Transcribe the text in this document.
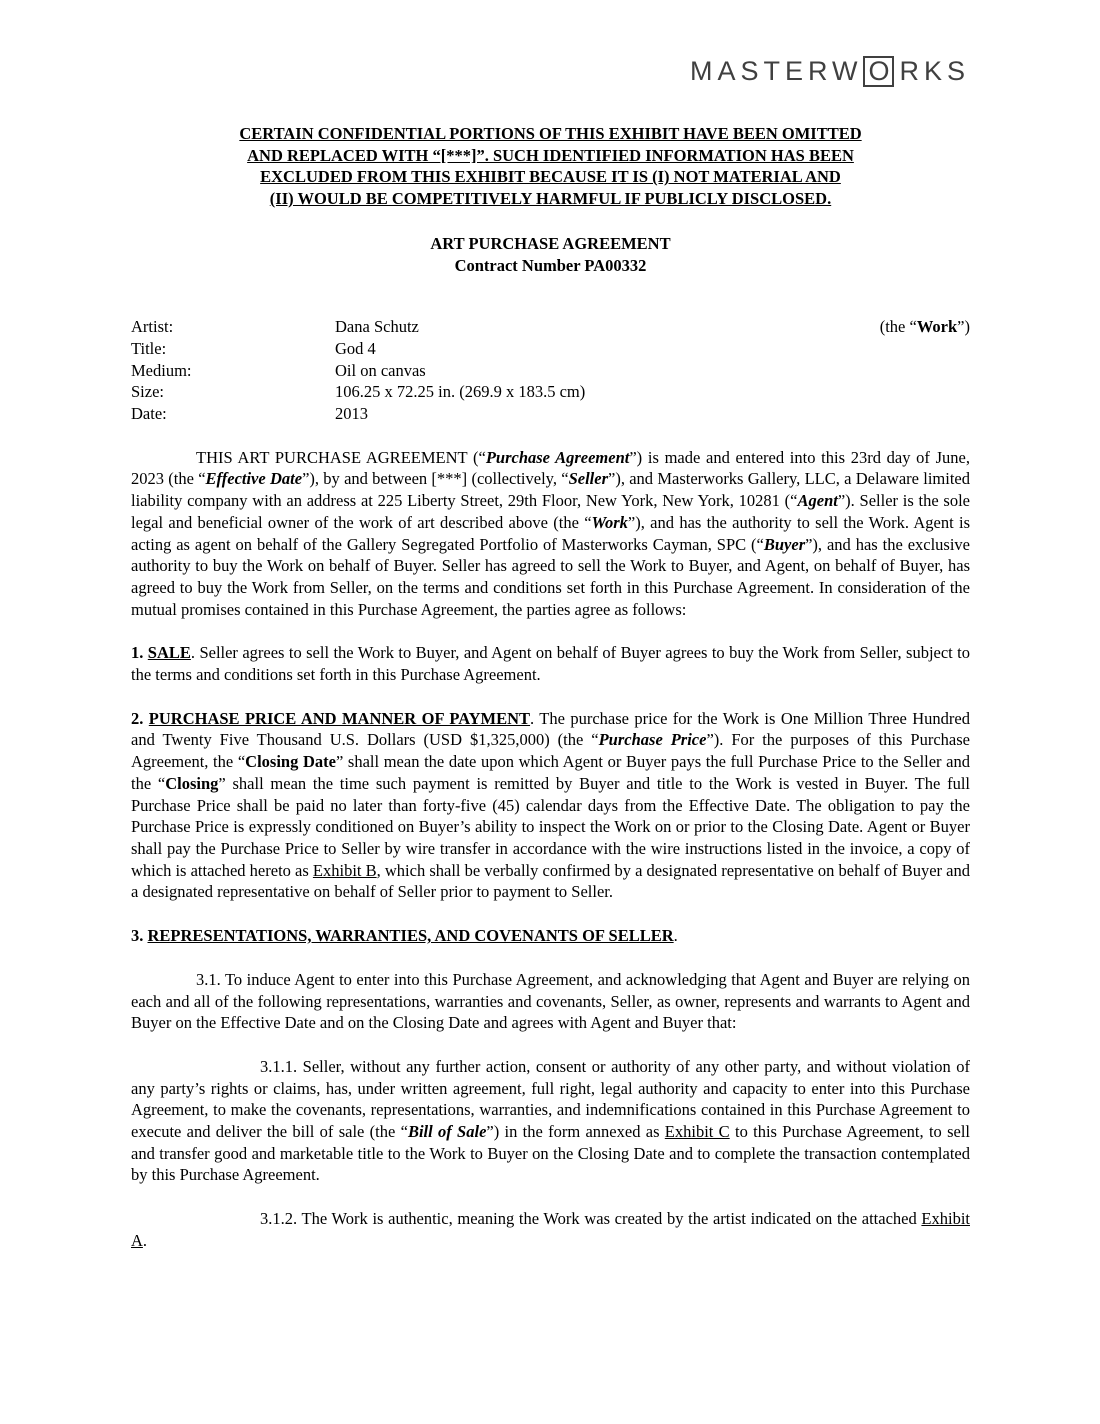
MASTERW O RKS
CERTAIN CONFIDENTIAL PORTIONS OF THIS EXHIBIT HAVE BEEN OMITTED
AND REPLACED WITH “[***]”. SUCH IDENTIFIED INFORMATION HAS BEEN
EXCLUDED FROM THIS EXHIBIT BECAUSE IT IS (I) NOT MATERIAL AND
(II) WOULD BE COMPETITIVELY HARMFUL IF PUBLICLY DISCLOSED.
ART PURCHASE AGREEMENT
Contract Number PA00332
Artist:	Dana Schutz	(the “Work”)
Title:	God 4
Medium:	Oil on canvas
Size:	106.25 x 72.25 in. (269.9 x 183.5 cm)
Date:	2013

THIS ART PURCHASE AGREEMENT (“Purchase Agreement”) is made and entered into this 23rd day of June, 2023 (the “Effective Date”), by and between [***] (collectively, “Seller”), and Masterworks Gallery, LLC, a Delaware limited liability company with an address at 225 Liberty Street, 29th Floor, New York, New York, 10281 (“Agent”). Seller is the sole legal and beneficial owner of the work of art described above (the “Work”), and has the authority to sell the Work. Agent is acting as agent on behalf of the Gallery Segregated Portfolio of Masterworks Cayman, SPC (“Buyer”), and has the exclusive authority to buy the Work on behalf of Buyer. Seller has agreed to sell the Work to Buyer, and Agent, on behalf of Buyer, has agreed to buy the Work from Seller, on the terms and conditions set forth in this Purchase Agreement. In consideration of the mutual promises contained in this Purchase Agreement, the parties agree as follows:

1. SALE. Seller agrees to sell the Work to Buyer, and Agent on behalf of Buyer agrees to buy the Work from Seller, subject to the terms and conditions set forth in this Purchase Agreement.

2. PURCHASE PRICE AND MANNER OF PAYMENT. The purchase price for the Work is One Million Three Hundred and Twenty Five Thousand U.S. Dollars (USD $1,325,000) (the “Purchase Price”). For the purposes of this Purchase Agreement, the “Closing Date” shall mean the date upon which Agent or Buyer pays the full Purchase Price to the Seller and the “Closing” shall mean the time such payment is remitted by Buyer and title to the Work is vested in Buyer. The full Purchase Price shall be paid no later than forty-five (45) calendar days from the Effective Date. The obligation to pay the Purchase Price is expressly conditioned on Buyer’s ability to inspect the Work on or prior to the Closing Date. Agent or Buyer shall pay the Purchase Price to Seller by wire transfer in accordance with the wire instructions listed in the invoice, a copy of which is attached hereto as Exhibit B, which shall be verbally confirmed by a designated representative on behalf of Buyer and a designated representative on behalf of Seller prior to payment to Seller.

3. REPRESENTATIONS, WARRANTIES, AND COVENANTS OF SELLER.

3.1. To induce Agent to enter into this Purchase Agreement, and acknowledging that Agent and Buyer are relying on each and all of the following representations, warranties and covenants, Seller, as owner, represents and warrants to Agent and Buyer on the Effective Date and on the Closing Date and agrees with Agent and Buyer that:

3.1.1. Seller, without any further action, consent or authority of any other party, and without violation of any party’s rights or claims, has, under written agreement, full right, legal authority and capacity to enter into this Purchase Agreement, to make the covenants, representations, warranties, and indemnifications contained in this Purchase Agreement to execute and deliver the bill of sale (the “Bill of Sale”) in the form annexed as Exhibit C to this Purchase Agreement, to sell and transfer good and marketable title to the Work to Buyer on the Closing Date and to complete the transaction contemplated by this Purchase Agreement.

3.1.2. The Work is authentic, meaning the Work was created by the artist indicated on the attached Exhibit A.
